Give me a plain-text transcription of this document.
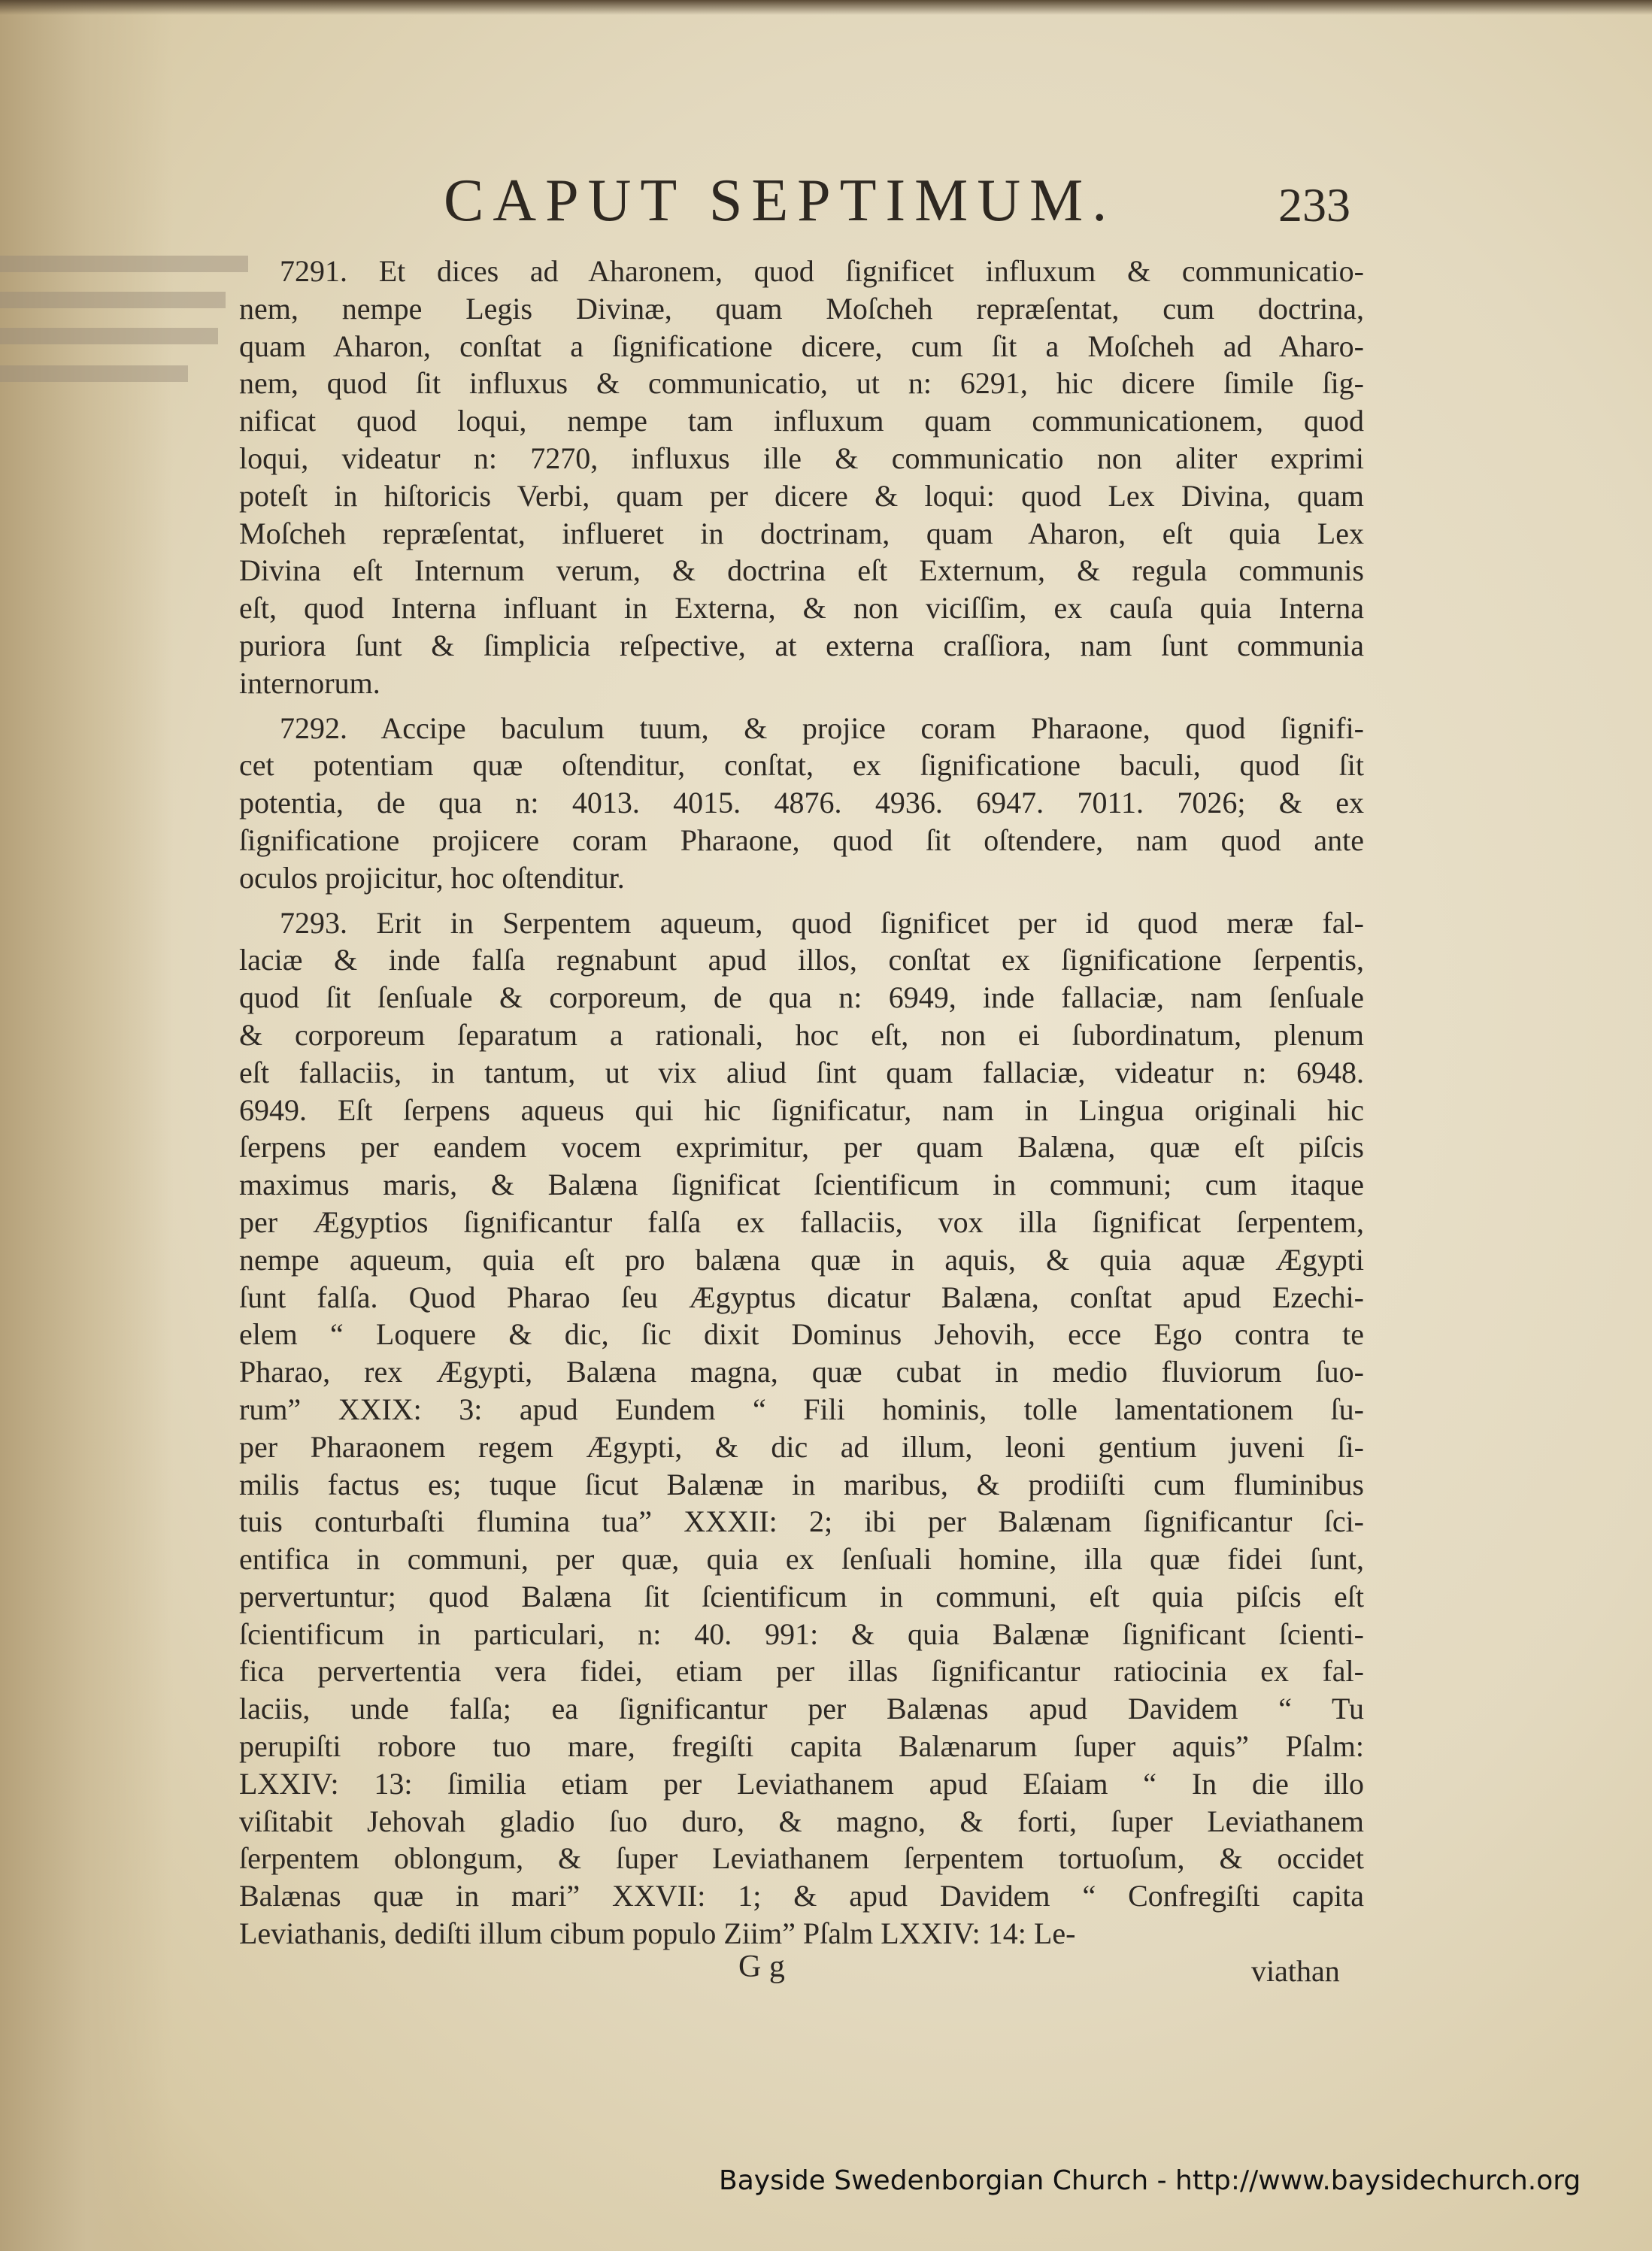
CAPUT SEPTIMUM.	233
7291. Et dices ad Aharonem, quod ſignificet influxum & communicatio-
nem, nempe Legis Divinæ, quam Moſcheh repræſentat, cum doctrina,
quam Aharon, conſtat a ſignificatione dicere, cum ſit a Moſcheh ad Aharo-
nem, quod ſit influxus & communicatio, ut n: 6291, hic dicere ſimile ſig-
nificat quod loqui, nempe tam influxum quam communicationem, quod
loqui, videatur n: 7270, influxus ille & communicatio non aliter exprimi
poteſt in hiſtoricis Verbi, quam per dicere & loqui: quod Lex Divina, quam
Moſcheh repræſentat, influeret in doctrinam, quam Aharon, eſt quia Lex
Divina eſt Internum verum, & doctrina eſt Externum, & regula communis
eſt, quod Interna influant in Externa, & non viciſſim, ex cauſa quia Interna
puriora ſunt & ſimplicia reſpective, at externa craſſiora, nam ſunt communia
internorum.
7292. Accipe baculum tuum, & projice coram Pharaone, quod ſignifi-
cet potentiam quæ oſtenditur, conſtat, ex ſignificatione baculi, quod ſit
potentia, de qua n: 4013. 4015. 4876. 4936. 6947. 7011. 7026; & ex
ſignificatione projicere coram Pharaone, quod ſit oſtendere, nam quod ante
oculos projicitur, hoc oſtenditur.
7293. Erit in Serpentem aqueum, quod ſignificet per id quod meræ fal-
laciæ & inde falſa regnabunt apud illos, conſtat ex ſignificatione ſerpentis,
quod ſit ſenſuale & corporeum, de qua n: 6949, inde fallaciæ, nam ſenſuale
& corporeum ſeparatum a rationali, hoc eſt, non ei ſubordinatum, plenum
eſt fallaciis, in tantum, ut vix aliud ſint quam fallaciæ, videatur n: 6948.
6949. Eſt ſerpens aqueus qui hic ſignificatur, nam in Lingua originali hic
ſerpens per eandem vocem exprimitur, per quam Balæna, quæ eſt piſcis
maximus maris, & Balæna ſignificat ſcientificum in communi; cum itaque
per Ægyptios ſignificantur falſa ex fallaciis, vox illa ſignificat ſerpentem,
nempe aqueum, quia eſt pro balæna quæ in aquis, & quia aquæ Ægypti
ſunt falſa. Quod Pharao ſeu Ægyptus dicatur Balæna, conſtat apud Ezechi-
elem “ Loquere & dic, ſic dixit Dominus Jehovih, ecce Ego contra te
Pharao, rex Ægypti, Balæna magna, quæ cubat in medio fluviorum ſuo-
rum” XXIX: 3: apud Eundem “ Fili hominis, tolle lamentationem ſu-
per Pharaonem regem Ægypti, & dic ad illum, leoni gentium juveni ſi-
milis factus es; tuque ſicut Balænæ in maribus, & prodiiſti cum fluminibus
tuis conturbaſti flumina tua” XXXII: 2; ibi per Balænam ſignificantur ſci-
entifica in communi, per quæ, quia ex ſenſuali homine, illa quæ fidei ſunt,
pervertuntur; quod Balæna ſit ſcientificum in communi, eſt quia piſcis eſt
ſcientificum in particulari, n: 40. 991: & quia Balænæ ſignificant ſcienti-
fica pervertentia vera fidei, etiam per illas ſignificantur ratiocinia ex fal-
laciis, unde falſa; ea ſignificantur per Balænas apud Davidem “ Tu
perupiſti robore tuo mare, fregiſti capita Balænarum ſuper aquis” Pſalm:
LXXIV: 13: ſimilia etiam per Leviathanem apud Eſaiam “ In die illo
viſitabit Jehovah gladio ſuo duro, & magno, & forti, ſuper Leviathanem
ſerpentem oblongum, & ſuper Leviathanem ſerpentem tortuoſum, & occidet
Balænas quæ in mari” XXVII: 1; & apud Davidem “ Confregiſti capita
Leviathanis, dediſti illum cibum populo Ziim” Pſalm LXXIV: 14: Le-
G g	viathan
Bayside Swedenborgian Church - http://www.baysidechurch.org
